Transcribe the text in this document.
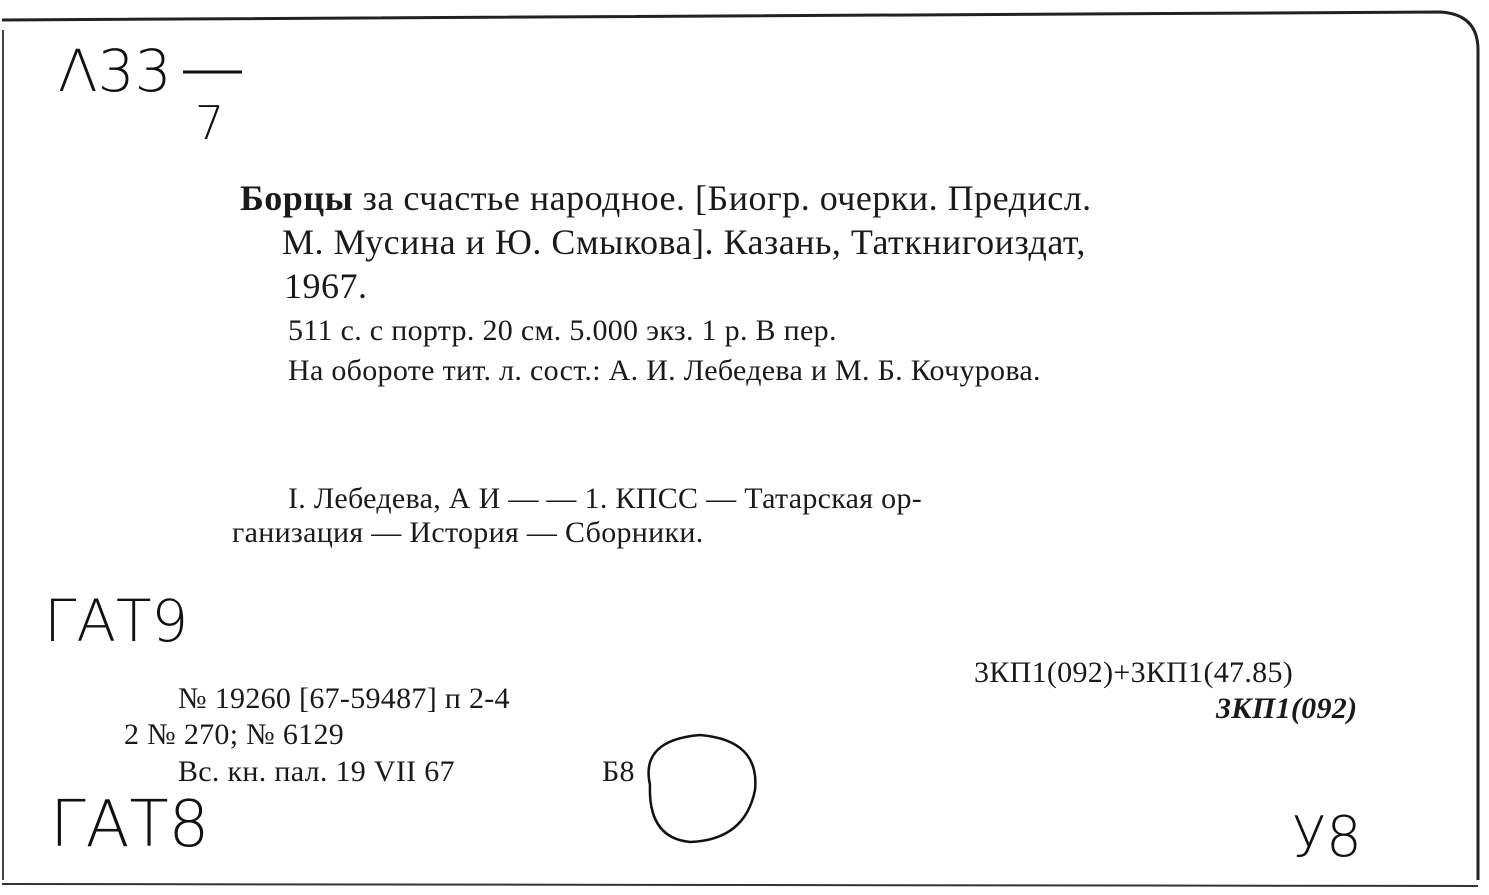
Λ33
7
ГАТ9
ГАТ8	У8
Борцы за счастье народное. [Биогр. очерки. Предисл.
М. Мусина и Ю. Смыкова]. Казань, Таткнигоиздат,
1967.
511 с. с портр. 20 см. 5.000 экз. 1 р. В пер.
На обороте тит. л. сост.: А. И. Лебедева и М. Б. Кочурова.
I. Лебедева, А И — — 1. КПСС — Татарская ор-
ганизация — История — Сборники.
3КП1(092)+3КП1(47.85)
3КП1(092)
№ 19260 [67-59487] п 2-4
2 № 270; № 6129
Вс. кн. пал. 19 VII 67	Б8
